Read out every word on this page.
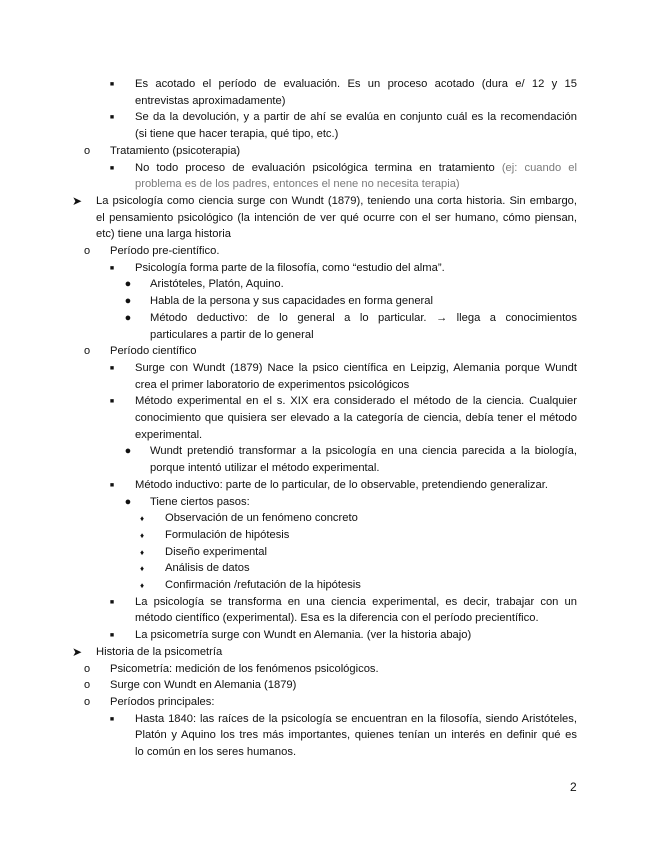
■	Es acotado el período de evaluación. Es un proceso acotado (dura e/ 12 y 15
entrevistas aproximadamente)
■	Se da la devolución, y a partir de ahí se evalúa en conjunto cuál es la recomendación
(si tiene que hacer terapia, qué tipo, etc.)
o	Tratamiento (psicoterapia)
■	No todo proceso de evaluación psicológica termina en tratamiento (ej: cuando el
problema es de los padres, entonces el nene no necesita terapia)
➤ La psicología como ciencia surge con Wundt (1879), teniendo una corta historia. Sin embargo,
el pensamiento psicológico (la intención de ver qué ocurre con el ser humano, cómo piensan,
etc) tiene una larga historia
o	Período pre-científico.
■	Psicología forma parte de la filosofía, como “estudio del alma”.
●	Aristóteles, Platón, Aquino.
●	Habla de la persona y sus capacidades en forma general
●	Método deductivo: de lo general a lo particular. → llega a conocimientos
particulares a partir de lo general
o	Período científico
■	Surge con Wundt (1879) Nace la psico científica en Leipzig, Alemania porque Wundt
crea el primer laboratorio de experimentos psicológicos
■	Método experimental en el s. XIX era considerado el método de la ciencia. Cualquier
conocimiento que quisiera ser elevado a la categoría de ciencia, debía tener el método
experimental.
●	Wundt pretendió transformar a la psicología en una ciencia parecida a la biología,
porque intentó utilizar el método experimental.
■	Método inductivo: parte de lo particular, de lo observable, pretendiendo generalizar.
●	Tiene ciertos pasos:
♦	Observación de un fenómeno concreto
♦	Formulación de hipótesis
♦	Diseño experimental
♦	Análisis de datos
♦	Confirmación /refutación de la hipótesis
■	La psicología se transforma en una ciencia experimental, es decir, trabajar con un
método científico (experimental). Esa es la diferencia con el período precientífico.
■	La psicometría surge con Wundt en Alemania. (ver la historia abajo)
➤ Historia de la psicometría
o	Psicometría: medición de los fenómenos psicológicos.
o	Surge con Wundt en Alemania (1879)
o	Períodos principales:
■	Hasta 1840: las raíces de la psicología se encuentran en la filosofía, siendo Aristóteles,
Platón y Aquino los tres más importantes, quienes tenían un interés en definir qué es
lo común en los seres humanos.
2
